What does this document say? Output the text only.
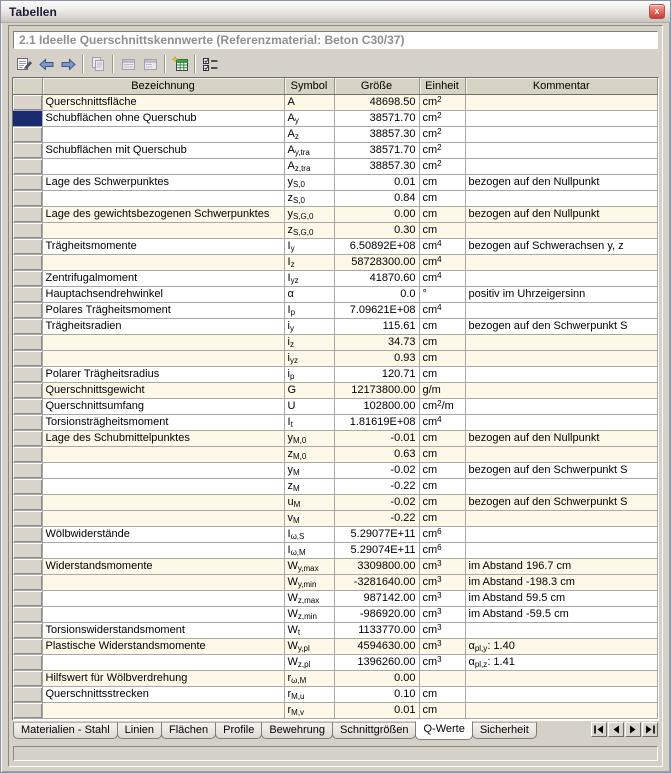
Tabellen	x
2.1 Ideelle Querschnittskennwerte (Referenzmaterial: Beton C30/37)
	Bezeichnung	Symbol	Größe	Einheit	Kommentar
	Querschnittsfläche	A	48698.50	$cm^2$	
	Schubflächen ohne Querschub	$A_y$	38571.70	$cm^2$	
		$A_z$	38857.30	$cm^2$	
	Schubflächen mit Querschub	$A_{y,tra}$	38571.70	$cm^2$	
		$A_{z,tra}$	38857.30	$cm^2$	
	Lage des Schwerpunktes	$y_{S,0}$	0.01	cm	bezogen auf den Nullpunkt
		$z_{S,0}$	0.84	cm	
	Lage des gewichtsbezogenen Schwerpunktes	$y_{S,G,0}$	0.00	cm	bezogen auf den Nullpunkt
		$z_{S,G,0}$	0.30	cm	
	Trägheitsmomente	$I_y$	6.50892E+08	$cm^4$	bezogen auf Schwerachsen y, z
		$I_z$	58728300.00	$cm^4$	
	Zentrifugalmoment	$I_{yz}$	41870.60	$cm^4$	
	Hauptachsendrehwinkel	α	0.0	°	positiv im Uhrzeigersinn
	Polares Trägheitsmoment	$I_p$	7.09621E+08	$cm^4$	
	Trägheitsradien	$i_y$	115.61	cm	bezogen auf den Schwerpunkt S
		$i_z$	34.73	cm	
		$i_{yz}$	0.93	cm	
	Polarer Trägheitsradius	$i_p$	120.71	cm	
	Querschnittsgewicht	G	12173800.00	g/m	
	Querschnittsumfang	U	102800.00	$cm^2/m$	
	Torsionsträgheitsmoment	$I_t$	1.81619E+08	$cm^4$	
	Lage des Schubmittelpunktes	$y_{M,0}$	-0.01	cm	bezogen auf den Nullpunkt
		$z_{M,0}$	0.63	cm	
		$y_M$	-0.02	cm	bezogen auf den Schwerpunkt S
		$z_M$	-0.22	cm	
		$u_M$	-0.02	cm	bezogen auf den Schwerpunkt S
		$v_M$	-0.22	cm	
	Wölbwiderstände	$I_{\omega,S}$	5.29077E+11	$cm^6$	
		$I_{\omega,M}$	5.29074E+11	$cm^6$	
	Widerstandsmomente	$W_{y,max}$	3309800.00	$cm^3$	im Abstand 196.7 cm
		$W_{y,min}$	-3281640.00	$cm^3$	im Abstand -198.3 cm
		$W_{z,max}$	987142.00	$cm^3$	im Abstand 59.5 cm
		$W_{z,min}$	-986920.00	$cm^3$	im Abstand -59.5 cm
	Torsionswiderstandsmoment	$W_t$	1133770.00	$cm^3$	
	Plastische Widerstandsmomente	$W_{y,pl}$	4594630.00	$cm^3$	$\alpha_{pl,y}$: 1.40
		$W_{z,pl}$	1396260.00	$cm^3$	$\alpha_{pl,z}$: 1.41
	Hilfswert für Wölbverdrehung	$r_{\omega,M}$	0.00		
	Querschnittsstrecken	$r_{M,u}$	0.10	cm	
		$r_{M,v}$	0.01	cm	
Materialien - Stahl	Linien	Flächen	Profile	Bewehrung	Schnittgrößen	Q-Werte	Sicherheit
